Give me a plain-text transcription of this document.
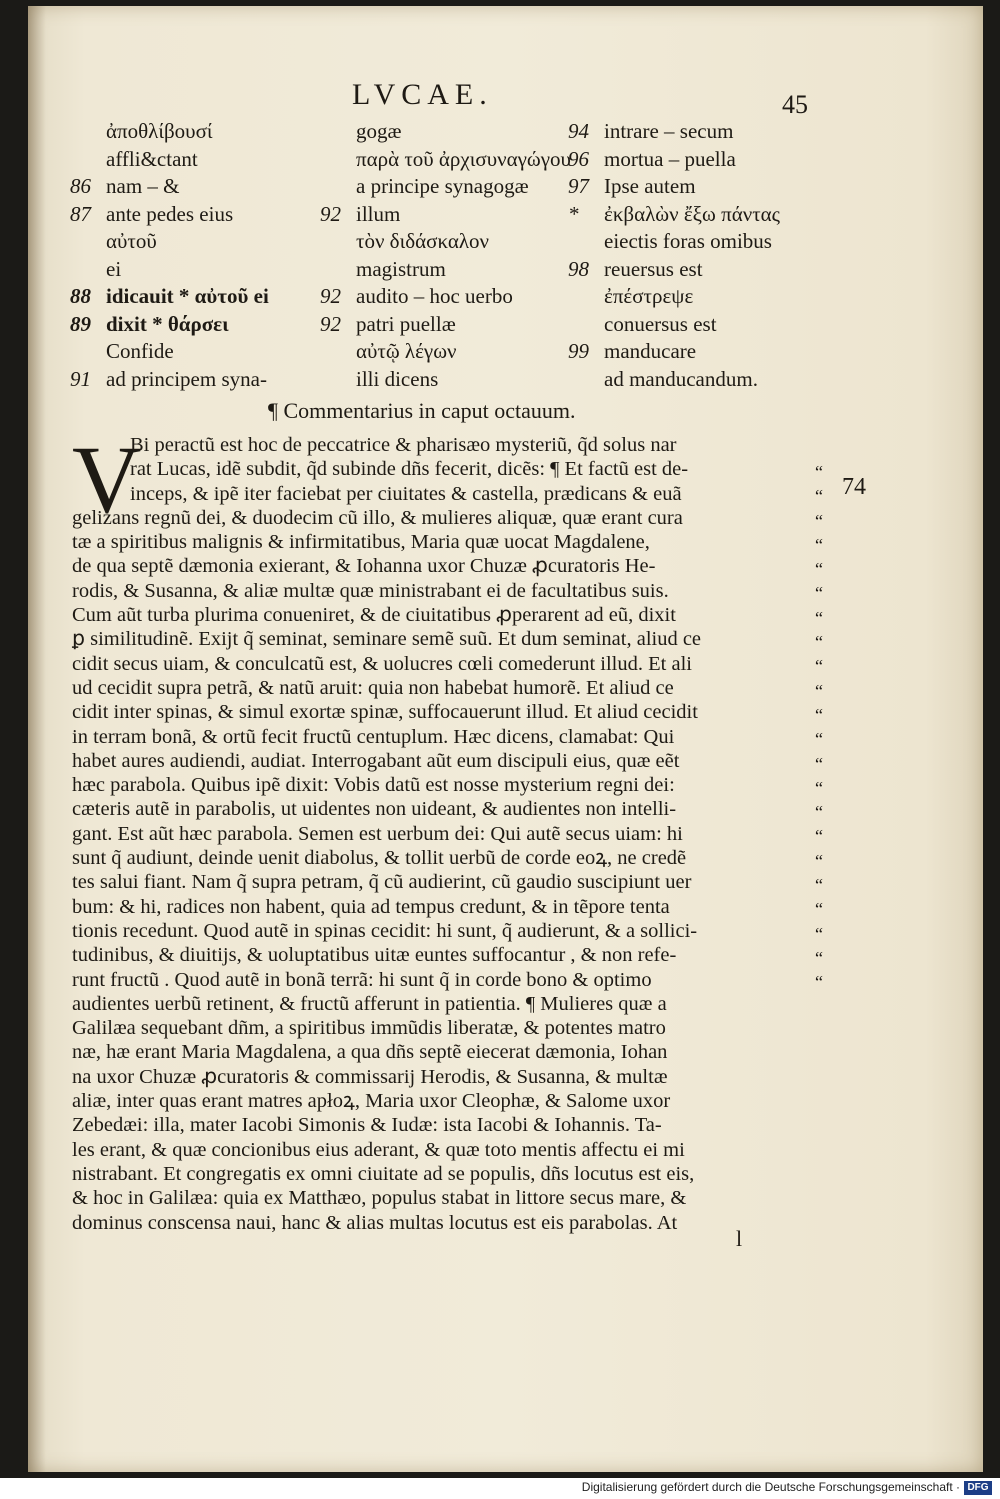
LVCAE.	45
ἀποθλίβουσί
affli&ctant
86 nam – &
87 ante pedes eius
αὐτοῦ
ei
88 idicauit * αὐτοῦ ei
89 dixit * θάρσει
Confide
91 ad principem syna-
gogæ
παρὰ τοῦ ἀρχισυναγώγου
a principe synagogæ
92 illum
τὸν διδάσκαλον
magistrum
92 audito – hoc uerbo
92 patri puellæ
αὐτῷ λέγων
illi dicens
94 intrare – secum
96 mortua – puella
97 Ipse autem
* ἐκβαλὼν ἔξω πάντας
eiectis foras omibus
98 reuersus est
ἐπέστρεψε
conuersus est
99 manducare
ad manducandum.
¶ Commentarius in caput octauum.
V
Bi peractũ est hoc de peccatrice & pharisæo mysteriũ, q̃d solus nar
rat Lucas, idẽ subdit, q̃d subinde dñs fecerit, dicẽs: ¶ Et factũ est de-
inceps, & ipẽ iter faciebat per ciuitates & castella, prædicans & euã
gelizans regnũ dei, & duodecim cũ illo, & mulieres aliquæ, quæ erant cura
tæ a spiritibus malignis & infirmitatibus, Maria quæ uocat Magdalene,
de qua septẽ dæmonia exierant, & Iohanna uxor Chuzæ ꝓcuratoris He-
rodis, & Susanna, & aliæ multæ quæ ministrabant ei de facultatibus suis.
Cum aũt turba plurima conueniret, & de ciuitatibus ꝓperarent ad eũ, dixit
ꝑ similitudinẽ. Exijt q̃ seminat, seminare semẽ suũ. Et dum seminat, aliud ce
cidit secus uiam, & conculcatũ est, & uolucres cœli comederunt illud. Et ali
ud cecidit supra petrã, & natũ aruit: quia non habebat humorẽ. Et aliud ce
cidit inter spinas, & simul exortæ spinæ, suffocauerunt illud. Et aliud cecidit
in terram bonã, & ortũ fecit fructũ centuplum. Hæc dicens, clamabat: Qui
habet aures audiendi, audiat. Interrogabant aũt eum discipuli eius, quæ eẽt
hæc parabola. Quibus ipẽ dixit: Vobis datũ est nosse mysterium regni dei:
cæteris autẽ in parabolis, ut uidentes non uideant, & audientes non intelli-
gant. Est aũt hæc parabola. Semen est uerbum dei: Qui autẽ secus uiam: hi
sunt q̃ audiunt, deinde uenit diabolus, & tollit uerbũ de corde eoꝝ, ne credẽ
tes salui fiant. Nam q̃ supra petram, q̃ cũ audierint, cũ gaudio suscipiunt uer
bum: & hi, radices non habent, quia ad tempus credunt, & in tẽpore tenta
tionis recedunt. Quod autẽ in spinas cecidit: hi sunt, q̃ audierunt, & a sollici-
tudinibus, & diuitijs, & uoluptatibus uitæ euntes suffocantur , & non refe-
runt fructũ . Quod autẽ in bonã terrã: hi sunt q̃ in corde bono & optimo
audientes uerbũ retinent, & fructũ afferunt in patientia. ¶ Mulieres quæ a
Galilæa sequebant dñm, a spiritibus immũdis liberatæ, & potentes matro
næ, hæ erant Maria Magdalena, a qua dñs septẽ eiecerat dæmonia, Iohan
na uxor Chuzæ ꝓcuratoris & commissarij Herodis, & Susanna, & multæ
aliæ, inter quas erant matres apłoꝝ, Maria uxor Cleophæ, & Salome uxor
Zebedæi: illa, mater Iacobi Simonis & Iudæ: ista Iacobi & Iohannis. Ta-
les erant, & quæ concionibus eius aderant, & quæ toto mentis affectu ei mi
nistrabant. Et congregatis ex omni ciuitate ad se populis, dñs locutus est eis,
& hoc in Galilæa: quia ex Matthæo, populus stabat in littore secus mare, &
dominus conscensa naui, hanc & alias multas locutus est eis parabolas. At
“
“
“
“
“
“
“
“
“
“
“
“
“
“
“
“
“
“
“
“
“
“
74
l
Digitalisierung gefördert durch die Deutsche Forschungsgemeinschaft · DFG
